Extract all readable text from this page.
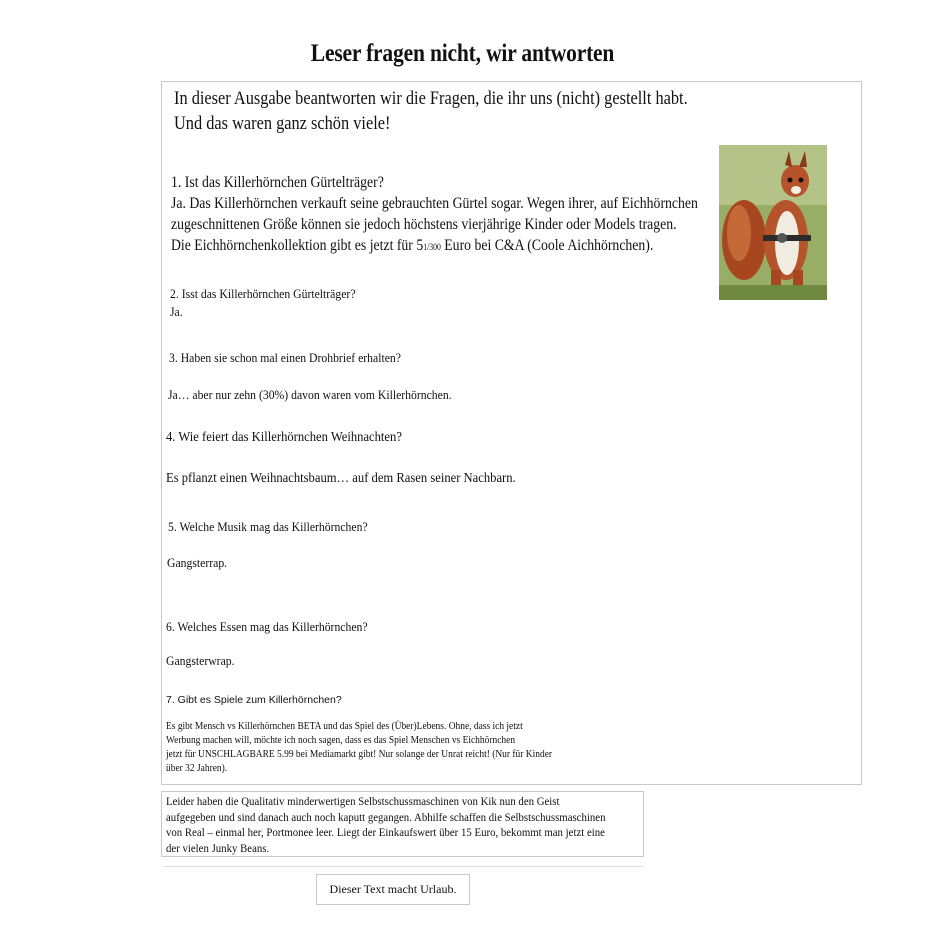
Leser fragen nicht, wir antworten
In dieser Ausgabe beantworten wir die Fragen, die ihr uns (nicht) gestellt habt. Und das waren ganz schön viele!
1. Ist das Killerhörnchen Gürtelträger?
Ja. Das Killerhörnchen verkauft seine gebrauchten Gürtel sogar. Wegen ihrer, auf Eichhörnchen
zugeschnittenen Größe können sie jedoch höchstens vierjährige Kinder oder Models tragen.
Die Eichhörnchenkollektion gibt es jetzt für 51/300 Euro bei C&A (Coole Aichhörnchen).
2. Isst das Killerhörnchen Gürtelträger?
Ja.
3. Haben sie schon mal einen Drohbrief erhalten?
Ja… aber nur zehn (30%) davon waren vom Killerhörnchen.
4. Wie feiert das Killerhörnchen Weihnachten?
Es pflanzt einen Weihnachtsbaum… auf dem Rasen seiner Nachbarn.
5. Welche Musik mag das Killerhörnchen?
Gangsterrap.
6. Welches Essen mag das Killerhörnchen?
Gangsterwrap.
7. Gibt es Spiele zum Killerhörnchen?
Es gibt Mensch vs Killerhörnchen BETA und das Spiel des (Über)Lebens. Ohne, dass ich jetzt
Werbung machen will, möchte ich noch sagen, dass es das Spiel Menschen vs Eichhörnchen
jetzt für UNSCHLAGBARE 5.99 bei Mediamarkt gibt! Nur solange der Unrat reicht! (Nur für Kinder
über 32 Jahren).
Leider haben die Qualitativ minderwertigen Selbstschussmaschinen von Kik nun den Geist
aufgegeben und sind danach auch noch kaputt gegangen. Abhilfe schaffen die Selbstschussmaschinen
von Real – einmal her, Portmonee leer. Liegt der Einkaufswert über 15 Euro, bekommt man jetzt eine
der vielen Junky Beans.
Dieser Text macht Urlaub.
